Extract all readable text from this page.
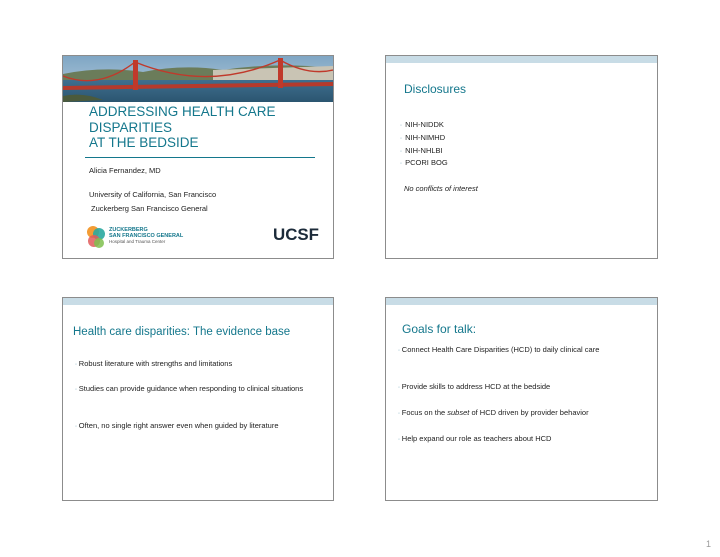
ADDRESSING HEALTH CARE
DISPARITIES
AT THE BEDSIDE
Alicia Fernandez, MD
University of California, San Francisco
Zuckerberg San Francisco General
ZUCKERBERG
SAN FRANCISCO GENERAL
Hospital and Trauma Center	UCSF
Disclosures
◦ NIH-NIDDK
◦ NIH-NIMHD
◦ NIH-NHLBI
◦ PCORI BOG
No conflicts of interest
Health care disparities: The evidence base
◦ Robust literature with strengths and limitations
◦ Studies can provide guidance when responding to clinical situations
◦ Often, no single right answer even when guided by literature
Goals for talk:
◦ Connect Health Care Disparities (HCD) to daily clinical care
◦ Provide skills to address HCD at the bedside
◦ Focus on the subset of HCD driven by provider behavior
◦ Help expand our role as teachers about HCD
1
